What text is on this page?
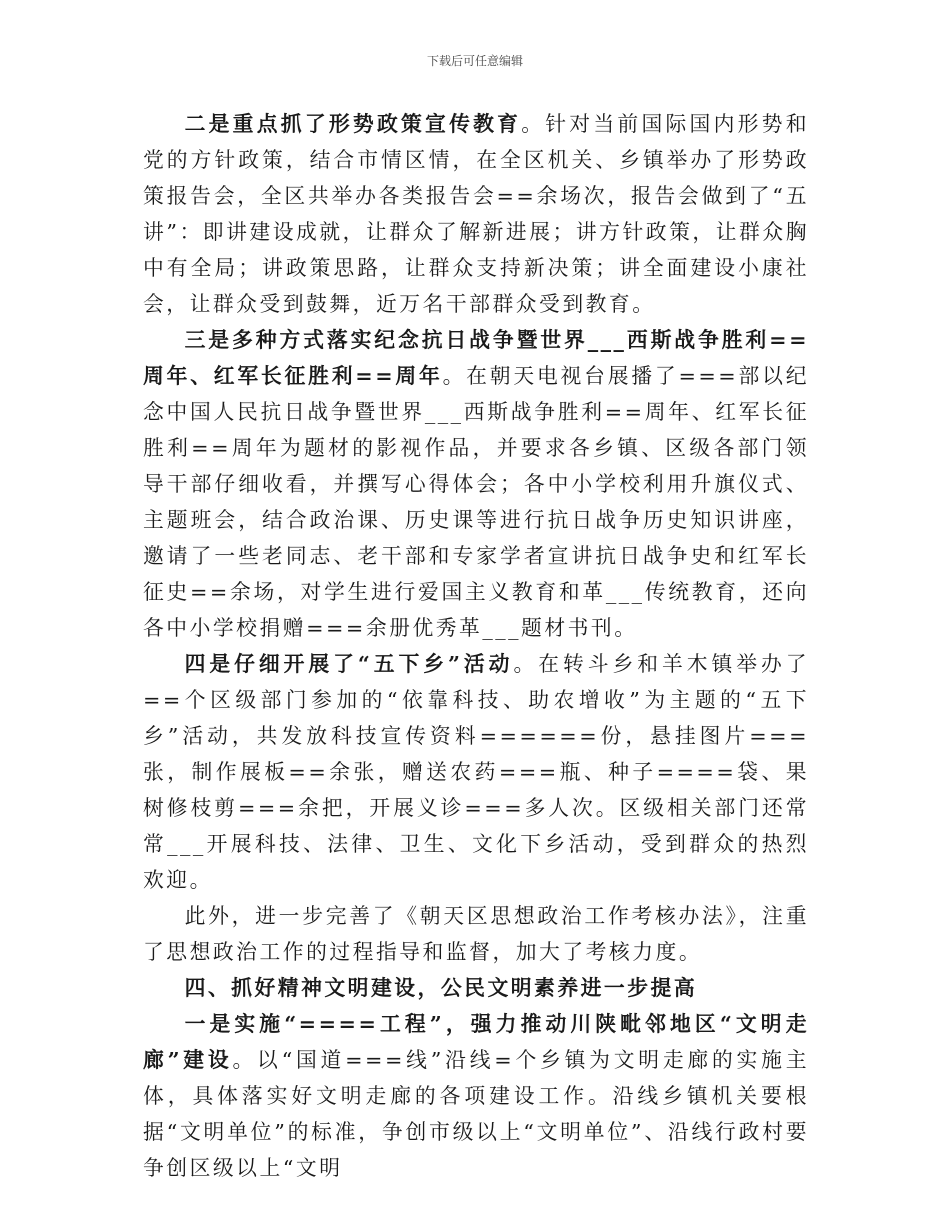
下载后可任意编辑

二是重点抓了形势政策宣传教育。针对当前国际国内形势和党的方针政策，结合市情区情，在全区机关、乡镇举办了形势政策报告会，全区共举办各类报告会==余场次，报告会做到了“五讲”：即讲建设成就，让群众了解新进展；讲方针政策，让群众胸中有全局；讲政策思路，让群众支持新决策；讲全面建设小康社会，让群众受到鼓舞，近万名干部群众受到教育。

三是多种方式落实纪念抗日战争暨世界___西斯战争胜利==周年、红军长征胜利==周年。在朝天电视台展播了===部以纪念中国人民抗日战争暨世界___西斯战争胜利==周年、红军长征胜利==周年为题材的影视作品，并要求各乡镇、区级各部门领导干部仔细收看，并撰写心得体会；各中小学校利用升旗仪式、主题班会，结合政治课、历史课等进行抗日战争历史知识讲座，邀请了一些老同志、老干部和专家学者宣讲抗日战争史和红军长征史==余场，对学生进行爱国主义教育和革___传统教育，还向各中小学校捐赠===余册优秀革___题材书刊。

四是仔细开展了“五下乡”活动。在转斗乡和羊木镇举办了==个区级部门参加的“依靠科技、助农增收”为主题的“五下乡”活动，共发放科技宣传资料======份，悬挂图片===张，制作展板==余张，赠送农药===瓶、种子====袋、果树修枝剪===余把，开展义诊===多人次。区级相关部门还常常___开展科技、法律、卫生、文化下乡活动，受到群众的热烈欢迎。

此外，进一步完善了《朝天区思想政治工作考核办法》，注重了思想政治工作的过程指导和监督，加大了考核力度。

四、抓好精神文明建设，公民文明素养进一步提高

一是实施“====工程”，强力推动川陕毗邻地区“文明走廊”建设。以“国道===线”沿线=个乡镇为文明走廊的实施主体，具体落实好文明走廊的各项建设工作。沿线乡镇机关要根据“文明单位”的标准，争创市级以上“文明单位”、沿线行政村要争创区级以上“文明
